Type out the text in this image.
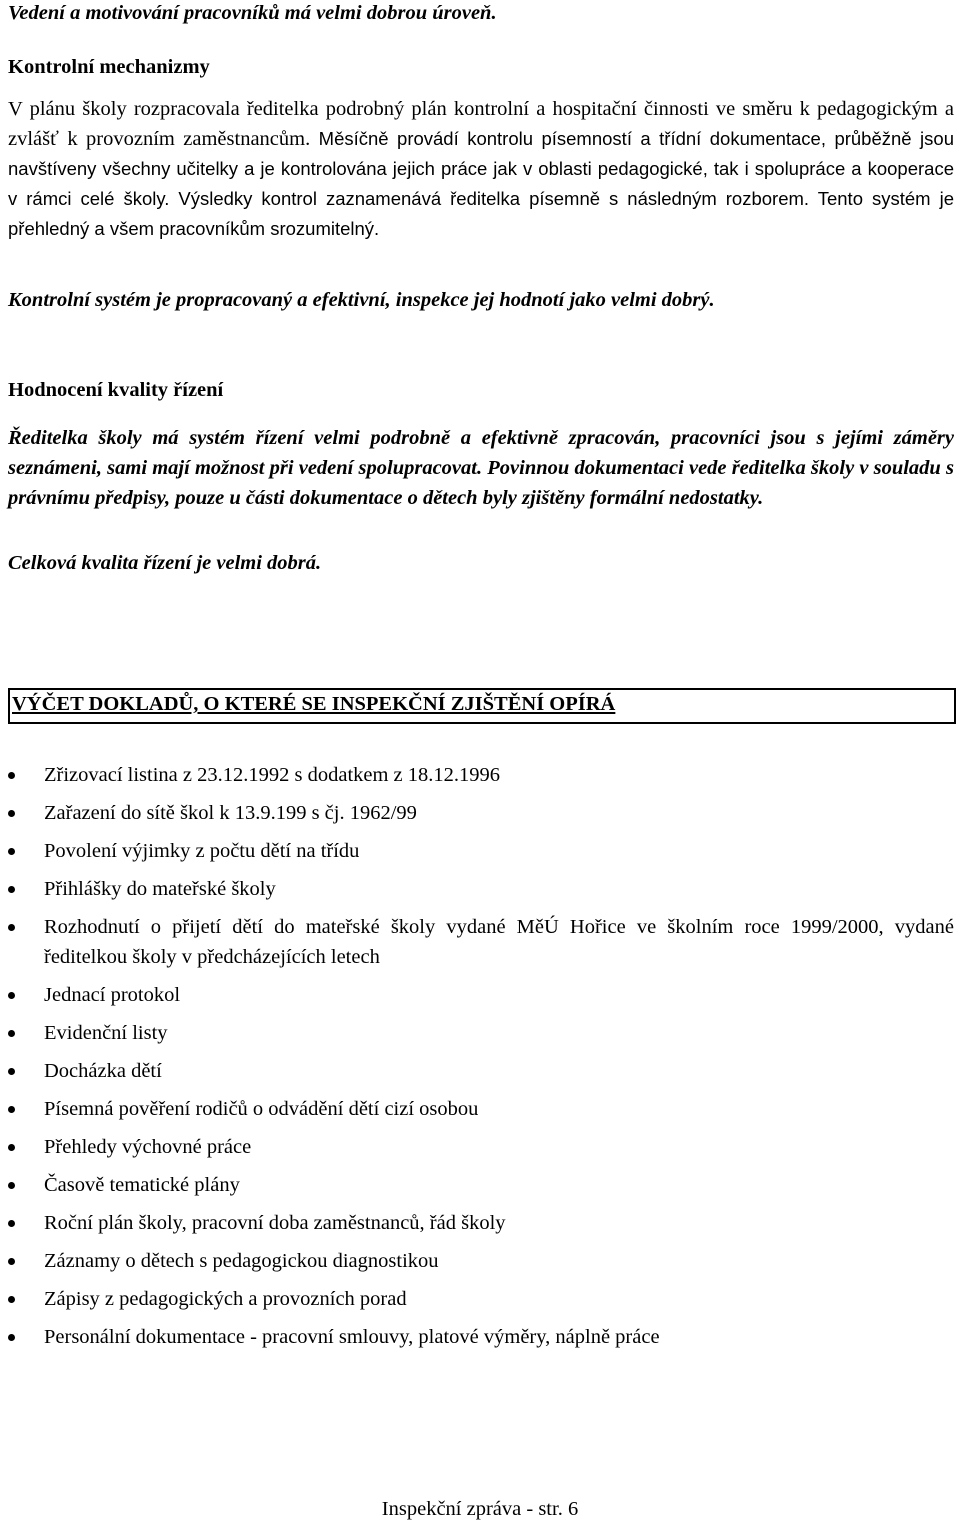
Vedení a motivování pracovníků má velmi dobrou úroveň.

Kontrolní mechanizmy

V plánu školy rozpracovala ředitelka podrobný plán kontrolní a hospitační činnosti ve směru k pedagogickým a zvlášť k provozním zaměstnancům. Měsíčně provádí kontrolu písemností a třídní dokumentace, průběžně jsou navštíveny všechny učitelky a je kontrolována jejich práce jak v oblasti pedagogické, tak i spolupráce a kooperace v rámci celé školy. Výsledky kontrol zaznamenává ředitelka písemně s následným rozborem. Tento systém je přehledný a všem pracovníkům srozumitelný.

Kontrolní systém je propracovaný a efektivní, inspekce jej hodnotí jako velmi dobrý.

Hodnocení kvality řízení

Ředitelka školy má systém řízení velmi podrobně a efektivně zpracován, pracovníci jsou s jejími záměry seznámeni, sami mají možnost při vedení spolupracovat. Povinnou dokumentaci vede ředitelka školy v souladu s právnímu předpisy, pouze u části dokumentace o dětech byly zjištěny formální nedostatky.

Celková kvalita řízení je velmi dobrá.

VÝČET DOKLADŮ, O KTERÉ SE INSPEKČNÍ ZJIŠTĚNÍ OPÍRÁ
Zřizovací listina z 23.12.1992 s dodatkem z 18.12.1996
Zařazení do sítě škol k 13.9.199 s čj. 1962/99
Povolení výjimky z počtu dětí na třídu
Přihlášky do mateřské školy
Rozhodnutí o přijetí dětí do mateřské školy vydané MěÚ Hořice ve školním roce 1999/2000, vydané ředitelkou školy v předcházejících letech
Jednací protokol
Evidenční listy
Docházka dětí
Písemná pověření rodičů o odvádění dětí cizí osobou
Přehledy výchovné práce
Časově tematické plány
Roční plán školy, pracovní doba zaměstnanců, řád školy
Záznamy o dětech s pedagogickou diagnostikou
Zápisy z pedagogických a provozních porad
Personální dokumentace - pracovní smlouvy, platové výměry, náplně práce
Inspekční zpráva - str. 6
